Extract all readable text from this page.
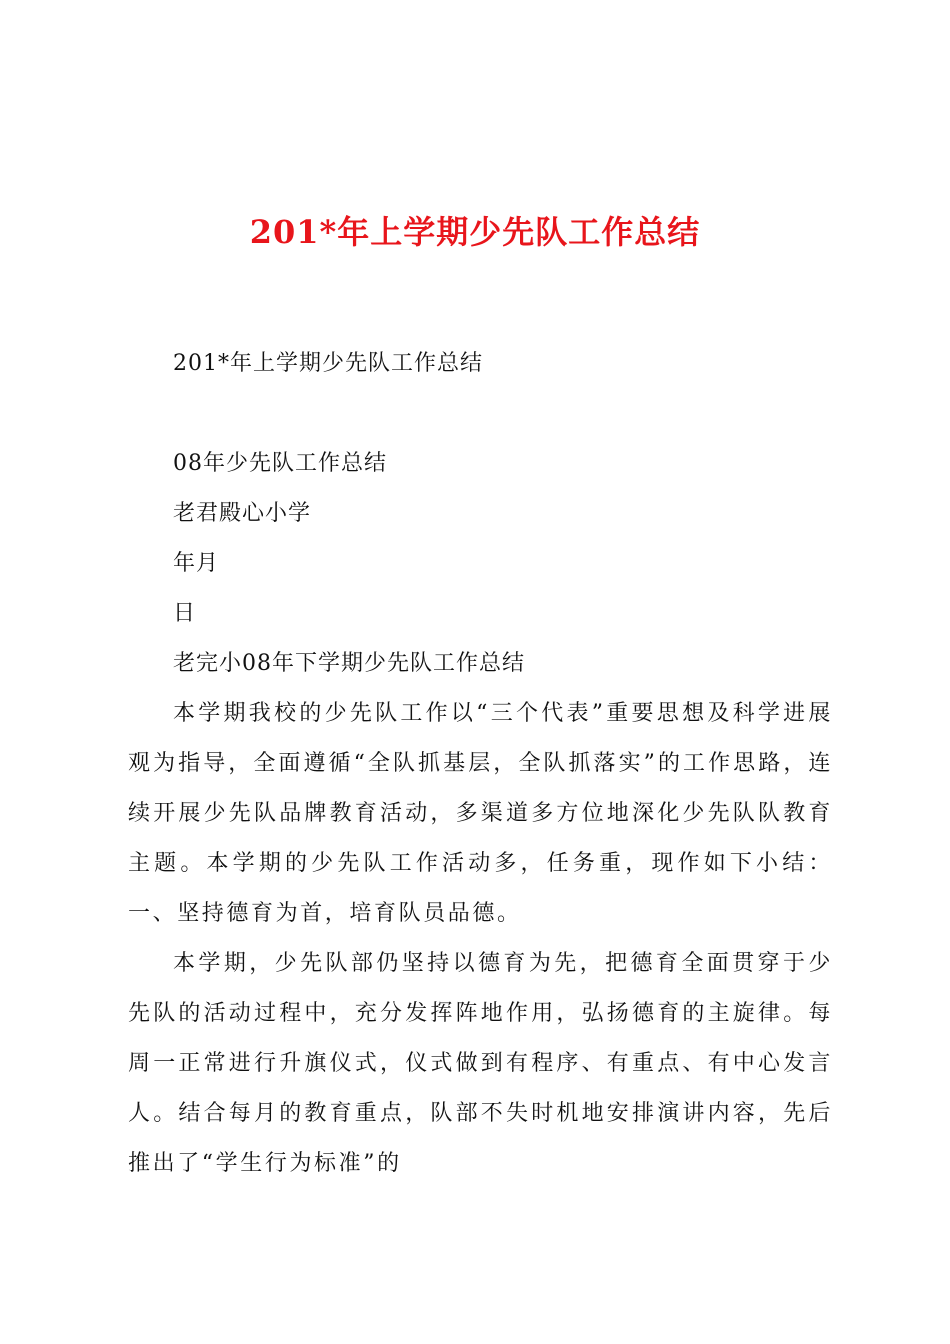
201*年上学期少先队工作总结
201*年上学期少先队工作总结
08年少先队工作总结
老君殿心小学
年月
日
老完小08年下学期少先队工作总结
本学期我校的少先队工作以“三个代表”重要思想及科学进展观为指导，全面遵循“全队抓基层，全队抓落实”的工作思路，连续开展少先队品牌教育活动，多渠道多方位地深化少先队队教育主题。本学期的少先队工作活动多，任务重，现作如下小结：一、坚持德育为首，培育队员品德。
本学期，少先队部仍坚持以德育为先，把德育全面贯穿于少先队的活动过程中，充分发挥阵地作用，弘扬德育的主旋律。每周一正常进行升旗仪式，仪式做到有程序、有重点、有中心发言人。结合每月的教育重点，队部不失时机地安排演讲内容，先后推出了“学生行为标准”的
